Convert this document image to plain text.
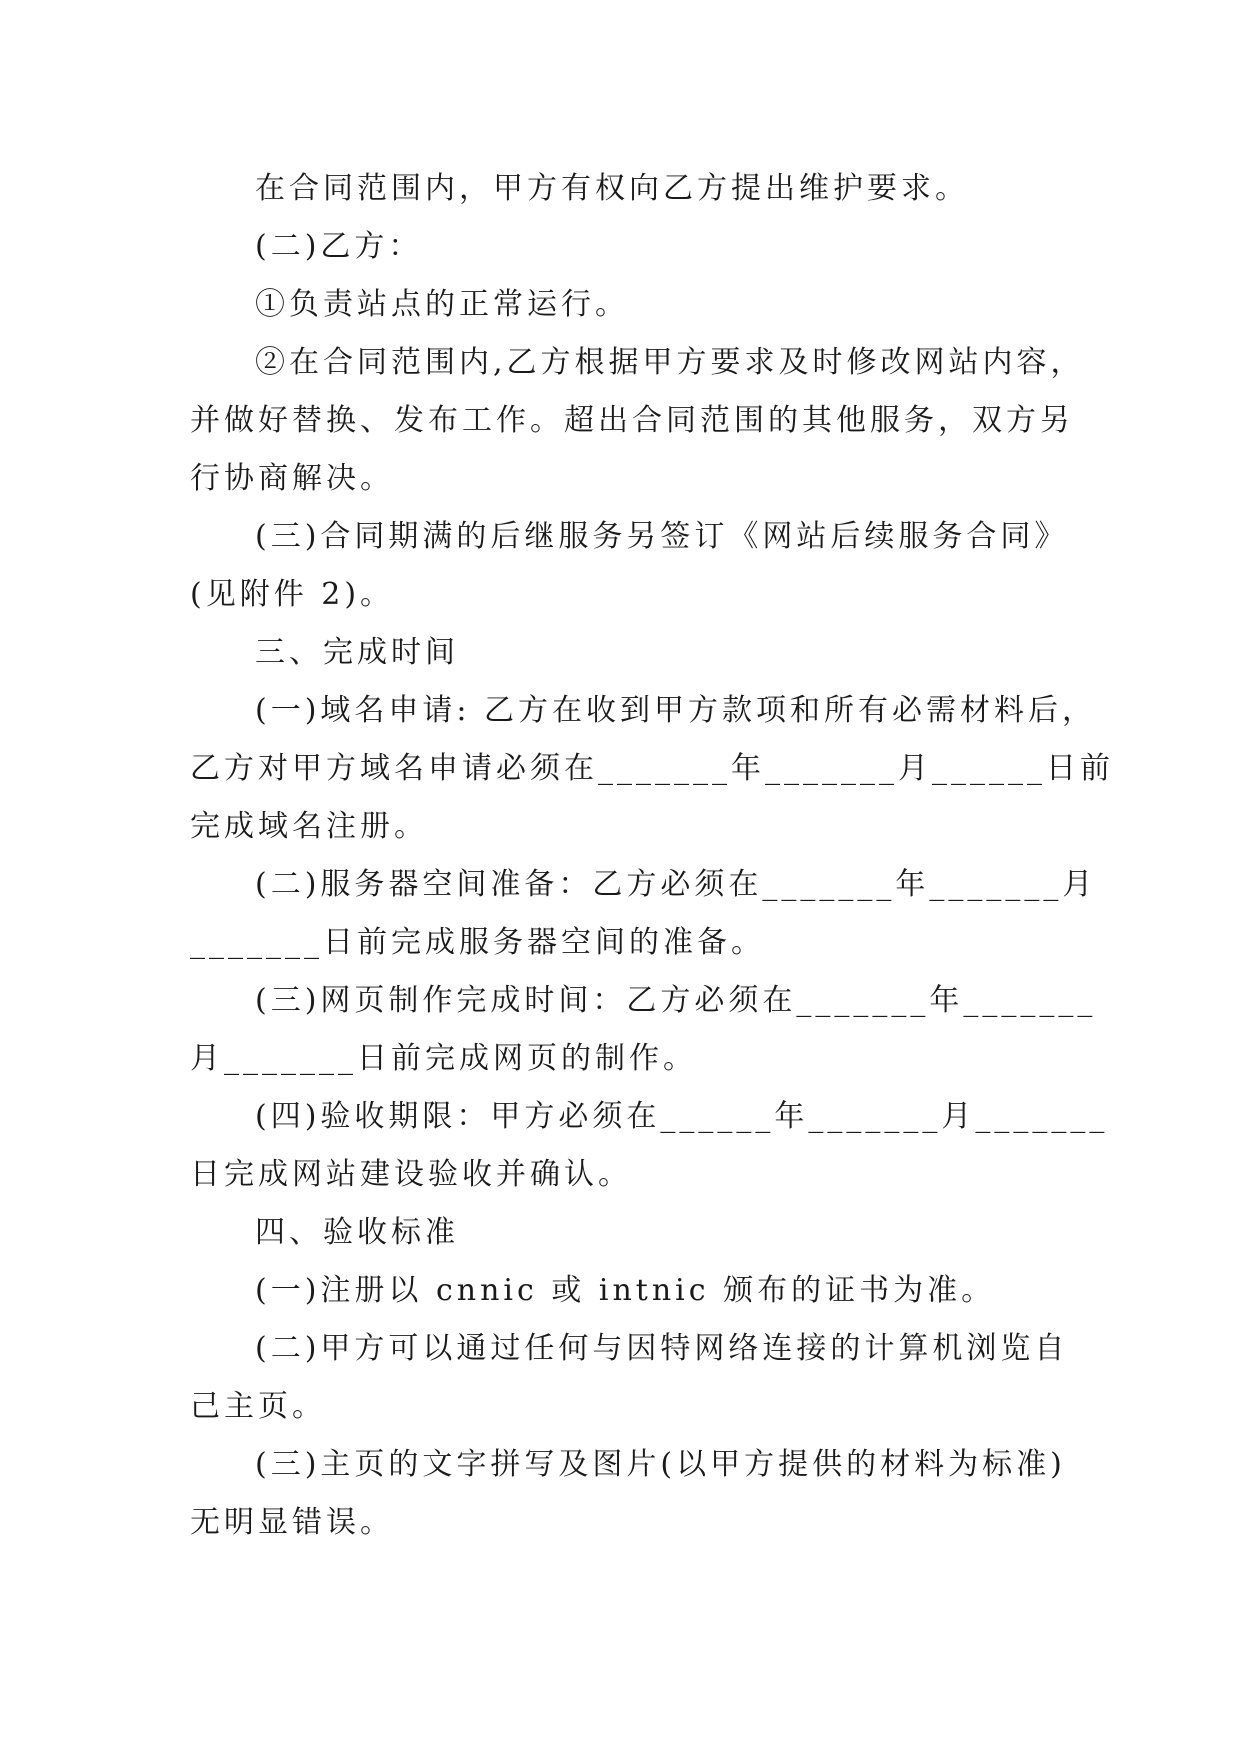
在合同范围内，甲方有权向乙方提出维护要求。

(二)乙方：

①负责站点的正常运行。

②在合同范围内,乙方根据甲方要求及时修改网站内容，

并做好替换、发布工作。超出合同范围的其他服务，双方另

行协商解决。

(三)合同期满的后继服务另签订《网站后续服务合同》

(见附件 2)。

三、完成时间

(一)域名申请: 乙方在收到甲方款项和所有必需材料后，

乙方对甲方域名申请必须在_______年_______月______日前

完成域名注册。

(二)服务器空间准备：乙方必须在_______年_______月

_______日前完成服务器空间的准备。

(三)网页制作完成时间：乙方必须在_______年_______

月_______日前完成网页的制作。

(四)验收期限：甲方必须在______年_______月_______

日完成网站建设验收并确认。

四、验收标准

(一)注册以 cnnic 或 intnic 颁布的证书为准。

(二)甲方可以通过任何与因特网络连接的计算机浏览自

己主页。

(三)主页的文字拼写及图片(以甲方提供的材料为标准)

无明显错误。
